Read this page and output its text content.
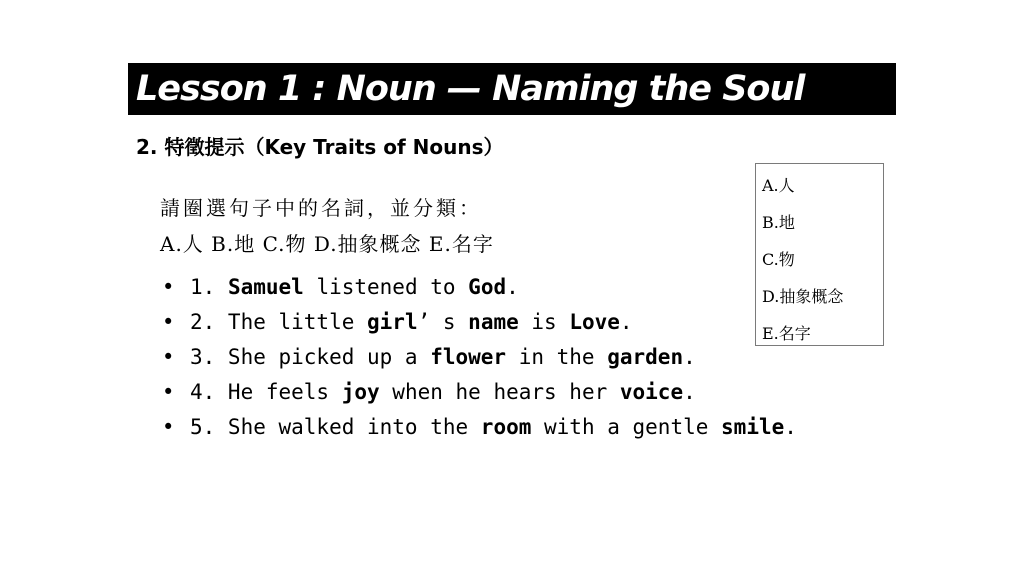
Lesson 1 : Noun — Naming the Soul
2. 特徵提示（Key Traits of Nouns）
請圈選句子中的名詞，並分類：
A.人 B.地 C.物 D.抽象概念 E.名字
• 1. Samuel listened to God.
• 2. The little girl’ s name is Love.
• 3. She picked up a flower in the garden.
• 4. He feels joy when he hears her voice.
• 5. She walked into the room with a gentle smile.
A.人
B.地
C.物
D.抽象概念
E.名字
